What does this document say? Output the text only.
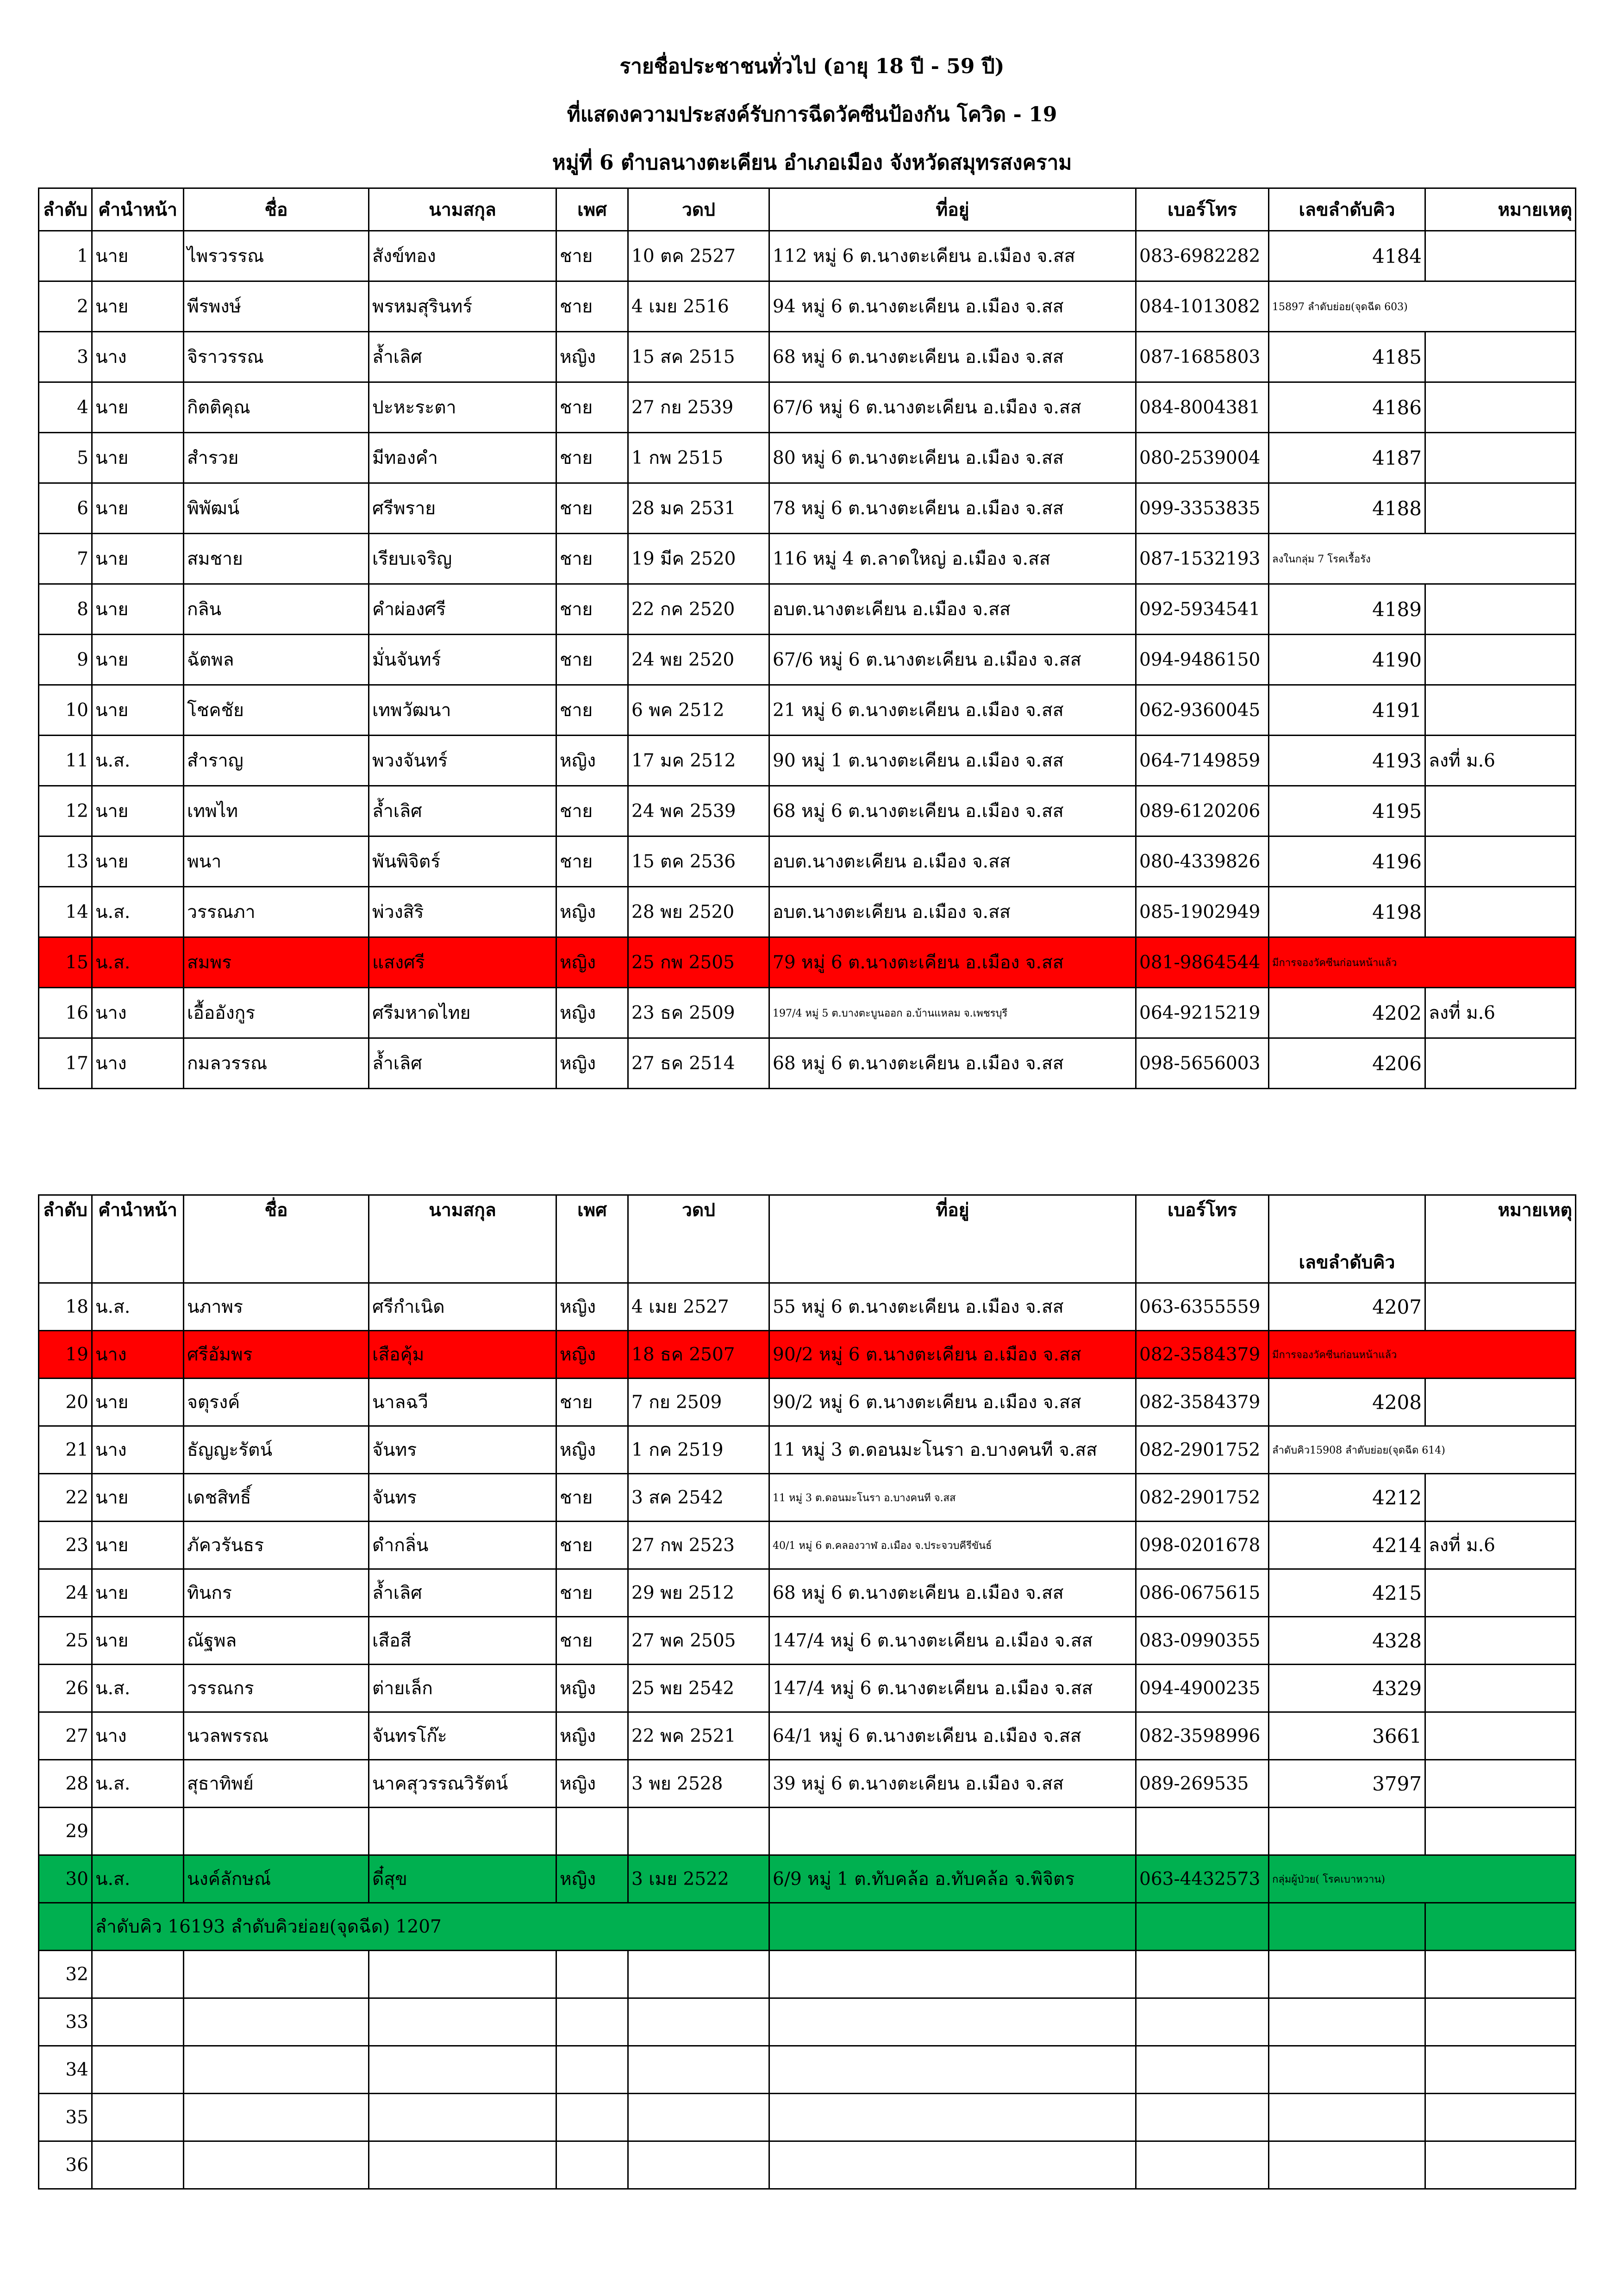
รายชื่อประชาชนทั่วไป (อายุ 18 ปี - 59 ปี)
ที่แสดงความประสงค์รับการฉีดวัคซีนป้องกัน โควิด - 19
หมู่ที่ 6 ตำบลนางตะเคียน อำเภอเมือง จังหวัดสมุทรสงคราม
ลำดับ	คำนำหน้า	ชื่อ	นามสกุล	เพศ	วดป	ที่อยู่	เบอร์โทร	เลขลำดับคิว	หมายเหตุ
1	นาย	ไพรวรรณ	สังข์ทอง	ชาย	10 ตค 2527	112 หมู่ 6 ต.นางตะเคียน อ.เมือง จ.สส	083-6982282	4184	
2	นาย	พีรพงษ์	พรหมสุรินทร์	ชาย	4 เมย 2516	94 หมู่ 6 ต.นางตะเคียน อ.เมือง จ.สส	084-1013082	15897 ลำดับย่อย(จุดฉีด 603)	
3	นาง	จิราวรรณ	ล้ำเลิศ	หญิง	15 สค 2515	68 หมู่ 6 ต.นางตะเคียน อ.เมือง จ.สส	087-1685803	4185	
4	นาย	กิตติคุณ	ปะหะระตา	ชาย	27 กย 2539	67/6 หมู่ 6 ต.นางตะเคียน อ.เมือง จ.สส	084-8004381	4186	
5	นาย	สำรวย	มีทองคำ	ชาย	1 กพ 2515	80 หมู่ 6 ต.นางตะเคียน อ.เมือง จ.สส	080-2539004	4187	
6	นาย	พิพัฒน์	ศรีพราย	ชาย	28 มค 2531	78 หมู่ 6 ต.นางตะเคียน อ.เมือง จ.สส	099-3353835	4188	
7	นาย	สมชาย	เรียบเจริญ	ชาย	19 มีค 2520	116 หมู่ 4 ต.ลาดใหญ่ อ.เมือง จ.สส	087-1532193	ลงในกลุ่ม 7 โรคเรื้อรัง	
8	นาย	กลิน	คำผ่องศรี	ชาย	22 กค 2520	อบต.นางตะเคียน อ.เมือง จ.สส	092-5934541	4189	
9	นาย	ฉัตพล	มั่นจันทร์	ชาย	24 พย 2520	67/6 หมู่ 6 ต.นางตะเคียน อ.เมือง จ.สส	094-9486150	4190	
10	นาย	โชคชัย	เทพวัฒนา	ชาย	6 พค 2512	21 หมู่ 6 ต.นางตะเคียน อ.เมือง จ.สส	062-9360045	4191	
11	น.ส.	สำราญ	พวงจันทร์	หญิง	17 มค 2512	90 หมู่ 1 ต.นางตะเคียน อ.เมือง จ.สส	064-7149859	4193	ลงที่ ม.6
12	นาย	เทพไท	ล้ำเลิศ	ชาย	24 พค 2539	68 หมู่ 6 ต.นางตะเคียน อ.เมือง จ.สส	089-6120206	4195	
13	นาย	พนา	พันพิจิตร์	ชาย	15 ตค 2536	อบต.นางตะเคียน อ.เมือง จ.สส	080-4339826	4196	
14	น.ส.	วรรณภา	พ่วงสิริ	หญิง	28 พย 2520	อบต.นางตะเคียน อ.เมือง จ.สส	085-1902949	4198	
15	น.ส.	สมพร	แสงศรี	หญิง	25 กพ 2505	79 หมู่ 6 ต.นางตะเคียน อ.เมือง จ.สส	081-9864544	มีการจองวัคซีนก่อนหน้าแล้ว	
16	นาง	เอื้ออังกูร	ศรีมหาดไทย	หญิง	23 ธค 2509	197/4 หมู่ 5 ต.บางตะบูนออก อ.บ้านแหลม จ.เพชรบุรี	064-9215219	4202	ลงที่ ม.6
17	นาง	กมลวรรณ	ล้ำเลิศ	หญิง	27 ธค 2514	68 หมู่ 6 ต.นางตะเคียน อ.เมือง จ.สส	098-5656003	4206	
ลำดับ	คำนำหน้า	ชื่อ	นามสกุล	เพศ	วดป	ที่อยู่	เบอร์โทร	เลขลำดับคิว	หมายเหตุ
18	น.ส.	นภาพร	ศรีกำเนิด	หญิง	4 เมย 2527	55 หมู่ 6 ต.นางตะเคียน อ.เมือง จ.สส	063-6355559	4207	
19	นาง	ศรีอัมพร	เสือคุ้ม	หญิง	18 ธค 2507	90/2 หมู่ 6 ต.นางตะเคียน อ.เมือง จ.สส	082-3584379	มีการจองวัคซีนก่อนหน้าแล้ว	
20	นาย	จตุรงค์	นาลฉวี	ชาย	7 กย 2509	90/2 หมู่ 6 ต.นางตะเคียน อ.เมือง จ.สส	082-3584379	4208	
21	นาง	ธัญญะรัตน์	จันทร	หญิง	1 กค 2519	11 หมู่ 3 ต.ดอนมะโนรา อ.บางคนที จ.สส	082-2901752	ลำดับคิว15908 ลำดับย่อย(จุดฉีด 614)	
22	นาย	เดชสิทธิ์	จันทร	ชาย	3 สค 2542	11 หมู่ 3 ต.ดอนมะโนรา อ.บางคนที จ.สส	082-2901752	4212	
23	นาย	ภัควรันธร	ดำกลิ่น	ชาย	27 กพ 2523	40/1 หมู่ 6 ต.คลองวาฬ อ.เมือง จ.ประจวบคีรีขันธ์	098-0201678	4214	ลงที่ ม.6
24	นาย	ทินกร	ล้ำเลิศ	ชาย	29 พย 2512	68 หมู่ 6 ต.นางตะเคียน อ.เมือง จ.สส	086-0675615	4215	
25	นาย	ณัฐพล	เสือสี	ชาย	27 พค 2505	147/4 หมู่ 6 ต.นางตะเคียน อ.เมือง จ.สส	083-0990355	4328	
26	น.ส.	วรรณกร	ต่ายเล็ก	หญิง	25 พย 2542	147/4 หมู่ 6 ต.นางตะเคียน อ.เมือง จ.สส	094-4900235	4329	
27	นาง	นวลพรรณ	จันทรโก๊ะ	หญิง	22 พค 2521	64/1 หมู่ 6 ต.นางตะเคียน อ.เมือง จ.สส	082-3598996	3661	
28	น.ส.	สุธาทิพย์	นาคสุวรรณวิรัตน์	หญิง	3 พย 2528	39 หมู่ 6 ต.นางตะเคียน อ.เมือง จ.สส	089-269535	3797	
29									
30	น.ส.	นงค์ลักษณ์	ดี๋สุข	หญิง	3 เมย 2522	6/9 หมู่ 1 ต.ทับคล้อ อ.ทับคล้อ จ.พิจิตร	063-4432573	กลุ่มผู้ป่วย( โรคเบาหวาน)	
	ลำดับคิว 16193 ลำดับคิวย่อย(จุดฉีด) 1207								
32									
33									
34									
35									
36									
